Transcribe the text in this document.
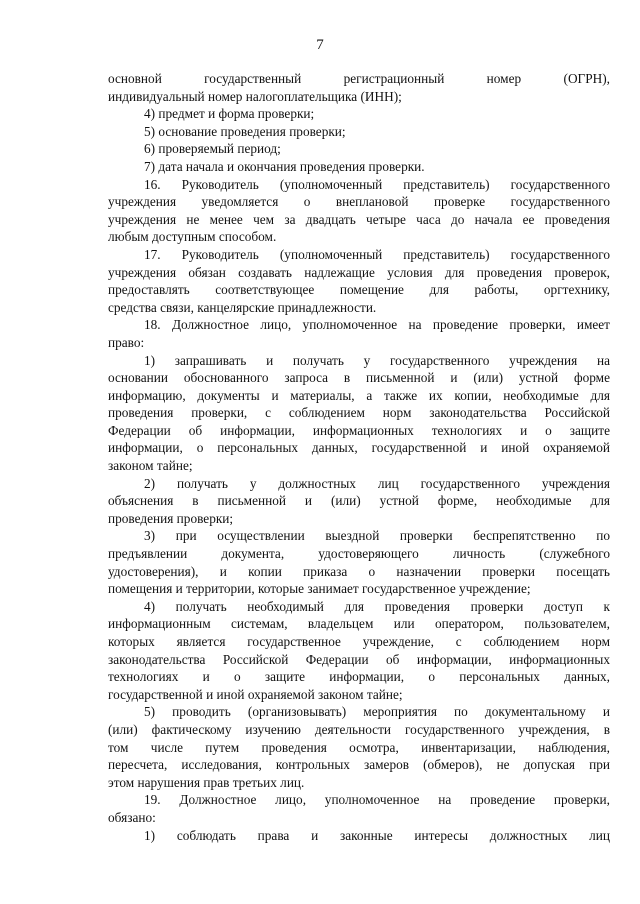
7
основной государственный регистрационный номер (ОГРН),
индивидуальный номер налогоплательщика (ИНН);
4) предмет и форма проверки;
5) основание проведения проверки;
6) проверяемый период;
7) дата начала и окончания проведения проверки.
16. Руководитель (уполномоченный представитель) государственного
учреждения уведомляется о внеплановой проверке государственного
учреждения не менее чем за двадцать четыре часа до начала ее проведения
любым доступным способом.
17. Руководитель (уполномоченный представитель) государственного
учреждения обязан создавать надлежащие условия для проведения проверок,
предоставлять соответствующее помещение для работы, оргтехнику,
средства связи, канцелярские принадлежности.
18. Должностное лицо, уполномоченное на проведение проверки, имеет
право:
1) запрашивать и получать у государственного учреждения на
основании обоснованного запроса в письменной и (или) устной форме
информацию, документы и материалы, а также их копии, необходимые для
проведения проверки, с соблюдением норм законодательства Российской
Федерации об информации, информационных технологиях и о защите
информации, о персональных данных, государственной и иной охраняемой
законом тайне;
2) получать у должностных лиц государственного учреждения
объяснения в письменной и (или) устной форме, необходимые для
проведения проверки;
3) при осуществлении выездной проверки беспрепятственно по
предъявлении документа, удостоверяющего личность (служебного
удостоверения), и копии приказа о назначении проверки посещать
помещения и территории, которые занимает государственное учреждение;
4) получать необходимый для проведения проверки доступ к
информационным системам, владельцем или оператором, пользователем,
которых является государственное учреждение, с соблюдением норм
законодательства Российской Федерации об информации, информационных
технологиях и о защите информации, о персональных данных,
государственной и иной охраняемой законом тайне;
5) проводить (организовывать) мероприятия по документальному и
(или) фактическому изучению деятельности государственного учреждения, в
том числе путем проведения осмотра, инвентаризации, наблюдения,
пересчета, исследования, контрольных замеров (обмеров), не допуская при
этом нарушения прав третьих лиц.
19. Должностное лицо, уполномоченное на проведение проверки,
обязано:
1) соблюдать права и законные интересы должностных лиц
